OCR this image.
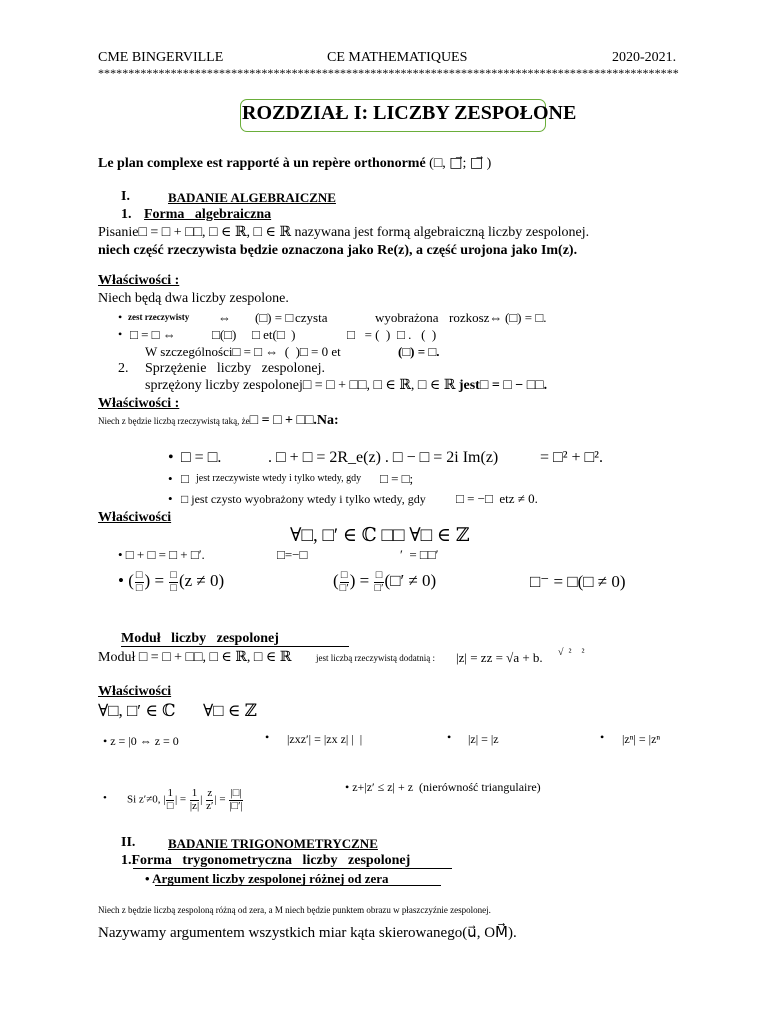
CME BINGERVILLE	CE MATHEMATIQUES	2020-2021.
************************************************************************************************
ROZDZIAŁ I: LICZBY ZESPOŁONE
Le plan complexe est rapporté à un repère orthonormé (□, □⃗; □⃗ )
I.	BADANIE ALGEBRAICZNE
1. Forma   algebraiczna
Pisanie□ = □ + □□, □ ∈ ℝ, □ ∈ ℝ nazywana jest formą algebraiczną liczby zespolonej.
niech część rzeczywista będzie oznaczona jako Re(z), a część urojona jako Im(z).
Właściwości :
Niech będą dwa liczby zespolone.
• zest rzeczywisty ⇔ (□) = □ czysta	wyobrażona rozkosz⇔ (□) = □.
• □ = □ ⇔	□(□) □ et(□  )	□   = (  ) □ .   (  )
W szczególności□ = □ ⇔  (  )□ = 0 et	(□) = □.
2. Sprzężenie   liczby   zespolonej.
sprzężony liczby zespolonej□ = □ + □□, □ ∈ ℝ, □ ∈ ℝ jest□ = □ − □□.
Właściwości :
Niech z będzie liczbą rzeczywistą taką, że□ = □ + □□.Na:
• □ = □.	. □ + □ = 2R_e(z) . □ − □ = 2i Im(z)	= □² + □².
• □ jest rzeczywiste wtedy i tylko wtedy, gdy □ = □;
• □ jest czysto wyobrażony wtedy i tylko wtedy, gdy □ = −□  etz ≠ 0.
Właściwości
∀□, □′ ∈ ℂ □□ ∀□ ∈ ℤ
• □ + □ = □ + □′.	□=−□	′  = □□′
• ( $\frac{□}{□}$ ) = $\frac{□}{□} (z \ne 0)$	( $\frac{□}{□'}$ ) = $\frac{□}{□'}$ (□′ ≠ 0)	□⁻ = □(□ ≠ 0)
Moduł   liczby   zespolonej
Moduł □ = □ + □□, □ ∈ ℝ, □ ∈ ℝ	jest liczbą rzeczywistą dodatnią : |z| = zz = √a + b. √  ²    ²
Właściwości
∀□, □′ ∈ ℂ ∀□ ∈ ℤ
• z = |0 ⇔ z = 0	• |zxz′| = |zx z| |  |	• |z| = |z	• |zⁿ| = |zⁿ
• z+|z′ ≤ z| + z  (nierówność triangulaire)
• Si z′≠0, | $\frac{1}{□}$ | = $\frac{1}{|z|}$ | $\frac{z}{z'}$ | = $\frac{|□|}{|□'|}$
II.	BADANIE TRIGONOMETRYCZNE
1.Forma   trygonometryczna   liczby   zespolonej
• Argument liczby zespolonej różnej od zera
Niech z będzie liczbą zespoloną różną od zera, a M niech będzie punktem obrazu w płaszczyźnie zespolonej.
Nazywamy argumentem wszystkich miar kąta skierowanego(u⃗, OM⃗).
